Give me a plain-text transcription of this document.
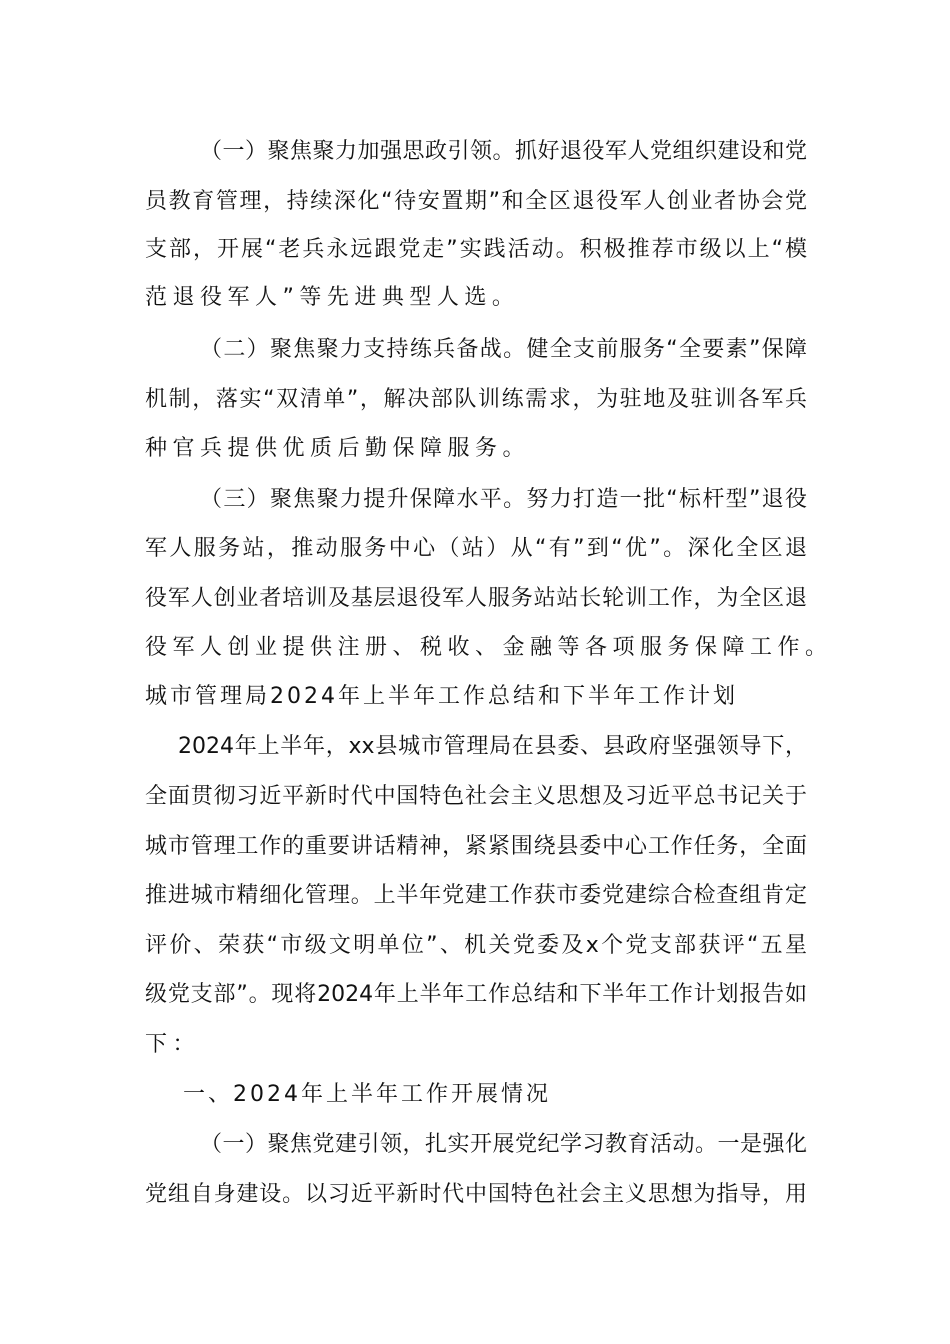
（一）聚焦聚力加强思政引领。抓好退役军人党组织建设和党
员教育管理，持续深化“待安置期”和全区退役军人创业者协会党
支部，开展“老兵永远跟党走”实践活动。积极推荐市级以上“模
范退役军人”等先进典型人选。
（二）聚焦聚力支持练兵备战。健全支前服务“全要素”保障
机制，落实“双清单”，解决部队训练需求，为驻地及驻训各军兵
种官兵提供优质后勤保障服务。
（三）聚焦聚力提升保障水平。努力打造一批“标杆型”退役
军人服务站，推动服务中心（站）从“有”到“优”。深化全区退
役军人创业者培训及基层退役军人服务站站长轮训工作，为全区退
役军人创业提供注册、税收、金融等各项服务保障工作。
城市管理局2024年上半年工作总结和下半年工作计划
2024年上半年，xx县城市管理局在县委、县政府坚强领导下，
全面贯彻习近平新时代中国特色社会主义思想及习近平总书记关于
城市管理工作的重要讲话精神，紧紧围绕县委中心工作任务，全面
推进城市精细化管理。上半年党建工作获市委党建综合检查组肯定
评价、荣获“市级文明单位”、机关党委及x个党支部获评“五星
级党支部”。现将2024年上半年工作总结和下半年工作计划报告如
下：
一、2024年上半年工作开展情况
（一）聚焦党建引领，扎实开展党纪学习教育活动。一是强化
党组自身建设。以习近平新时代中国特色社会主义思想为指导，用
